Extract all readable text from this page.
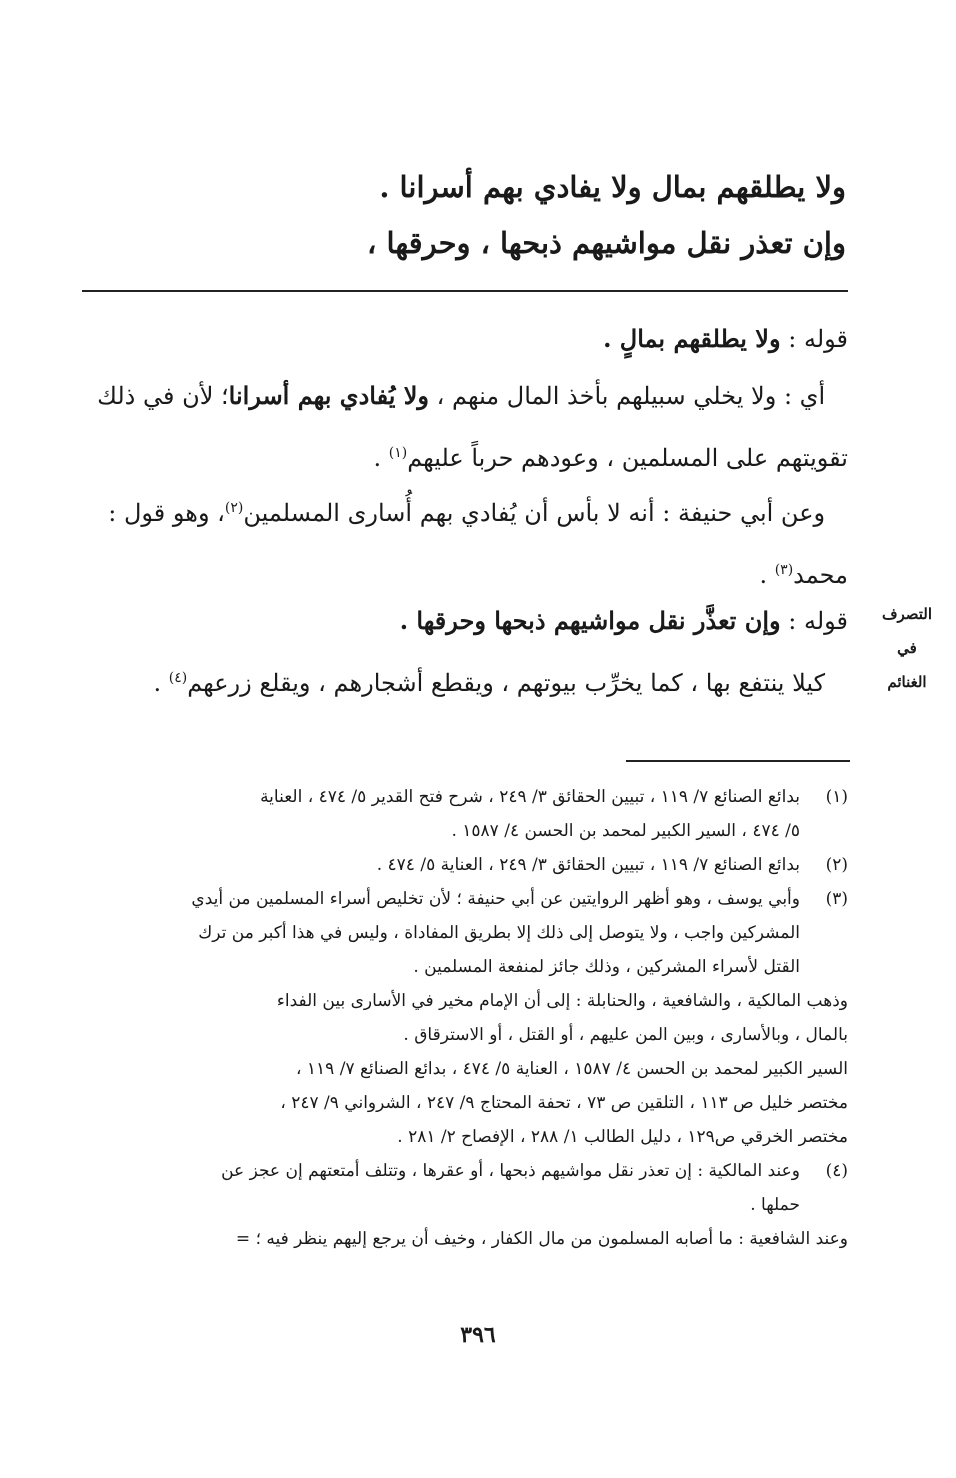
ولا يطلقهم بمال ولا يفادي بهم أسرانا .
وإن تعذر نقل مواشيهم ذبحها ، وحرقها ،

قوله : ولا يطلقهم بمالٍ .

أي : ولا يخلي سبيلهم بأخذ المال منهم ، ولا يُفادي بهم أسرانا؛ لأن في ذلك تقويتهم على المسلمين ، وعودهم حرباً عليهم$^{(١)}$ .

وعن أبي حنيفة : أنه لا بأس أن يُفادي بهم أُسارى المسلمين$^{(٢)}$، وهو قول : محمد$^{(٣)}$ .

قوله : وإن تعذَّر نقل مواشيهم ذبحها وحرقها .

كيلا ينتفع بها ، كما يخرِّب بيوتهم ، ويقطع أشجارهم ، ويقلع زرعهم$^{(٤)}$ .

التصرف
في
الغنائم
(١)
بدائع الصنائع ٧/ ١١٩ ، تبيين الحقائق ٣/ ٢٤٩ ، شرح فتح القدير ٥/ ٤٧٤ ، العناية
٥/ ٤٧٤ ، السير الكبير لمحمد بن الحسن ٤/ ١٥٨٧ .
(٢)
بدائع الصنائع ٧/ ١١٩ ، تبيين الحقائق ٣/ ٢٤٩ ، العناية ٥/ ٤٧٤ .
(٣)
وأبي يوسف ، وهو أظهر الروايتين عن أبي حنيفة ؛ لأن تخليص أسراء المسلمين من أيدي
المشركين واجب ، ولا يتوصل إلى ذلك إلا بطريق المفاداة ، وليس في هذا أكبر من ترك
القتل لأسراء المشركين ، وذلك جائز لمنفعة المسلمين .
وذهب المالكية ، والشافعية ، والحنابلة : إلى أن الإمام مخير في الأسارى بين الفداء
بالمال ، وبالأسارى ، وبين المن عليهم ، أو القتل ، أو الاسترقاق .
السير الكبير لمحمد بن الحسن ٤/ ١٥٨٧ ، العناية ٥/ ٤٧٤ ، بدائع الصنائع ٧/ ١١٩ ،
مختصر خليل ص ١١٣ ، التلقين ص ٧٣ ، تحفة المحتاج ٩/ ٢٤٧ ، الشرواني ٩/ ٢٤٧ ،
مختصر الخرقي ص١٢٩ ، دليل الطالب ١/ ٢٨٨ ، الإفصاح ٢/ ٢٨١ .
(٤)
وعند المالكية : إن تعذر نقل مواشيهم ذبحها ، أو عقرها ، وتتلف أمتعتهم إن عجز عن
حملها .
وعند الشافعية : ما أصابه المسلمون من مال الكفار ، وخيف أن يرجع إليهم ينظر فيه ؛ =
٣٩٦
